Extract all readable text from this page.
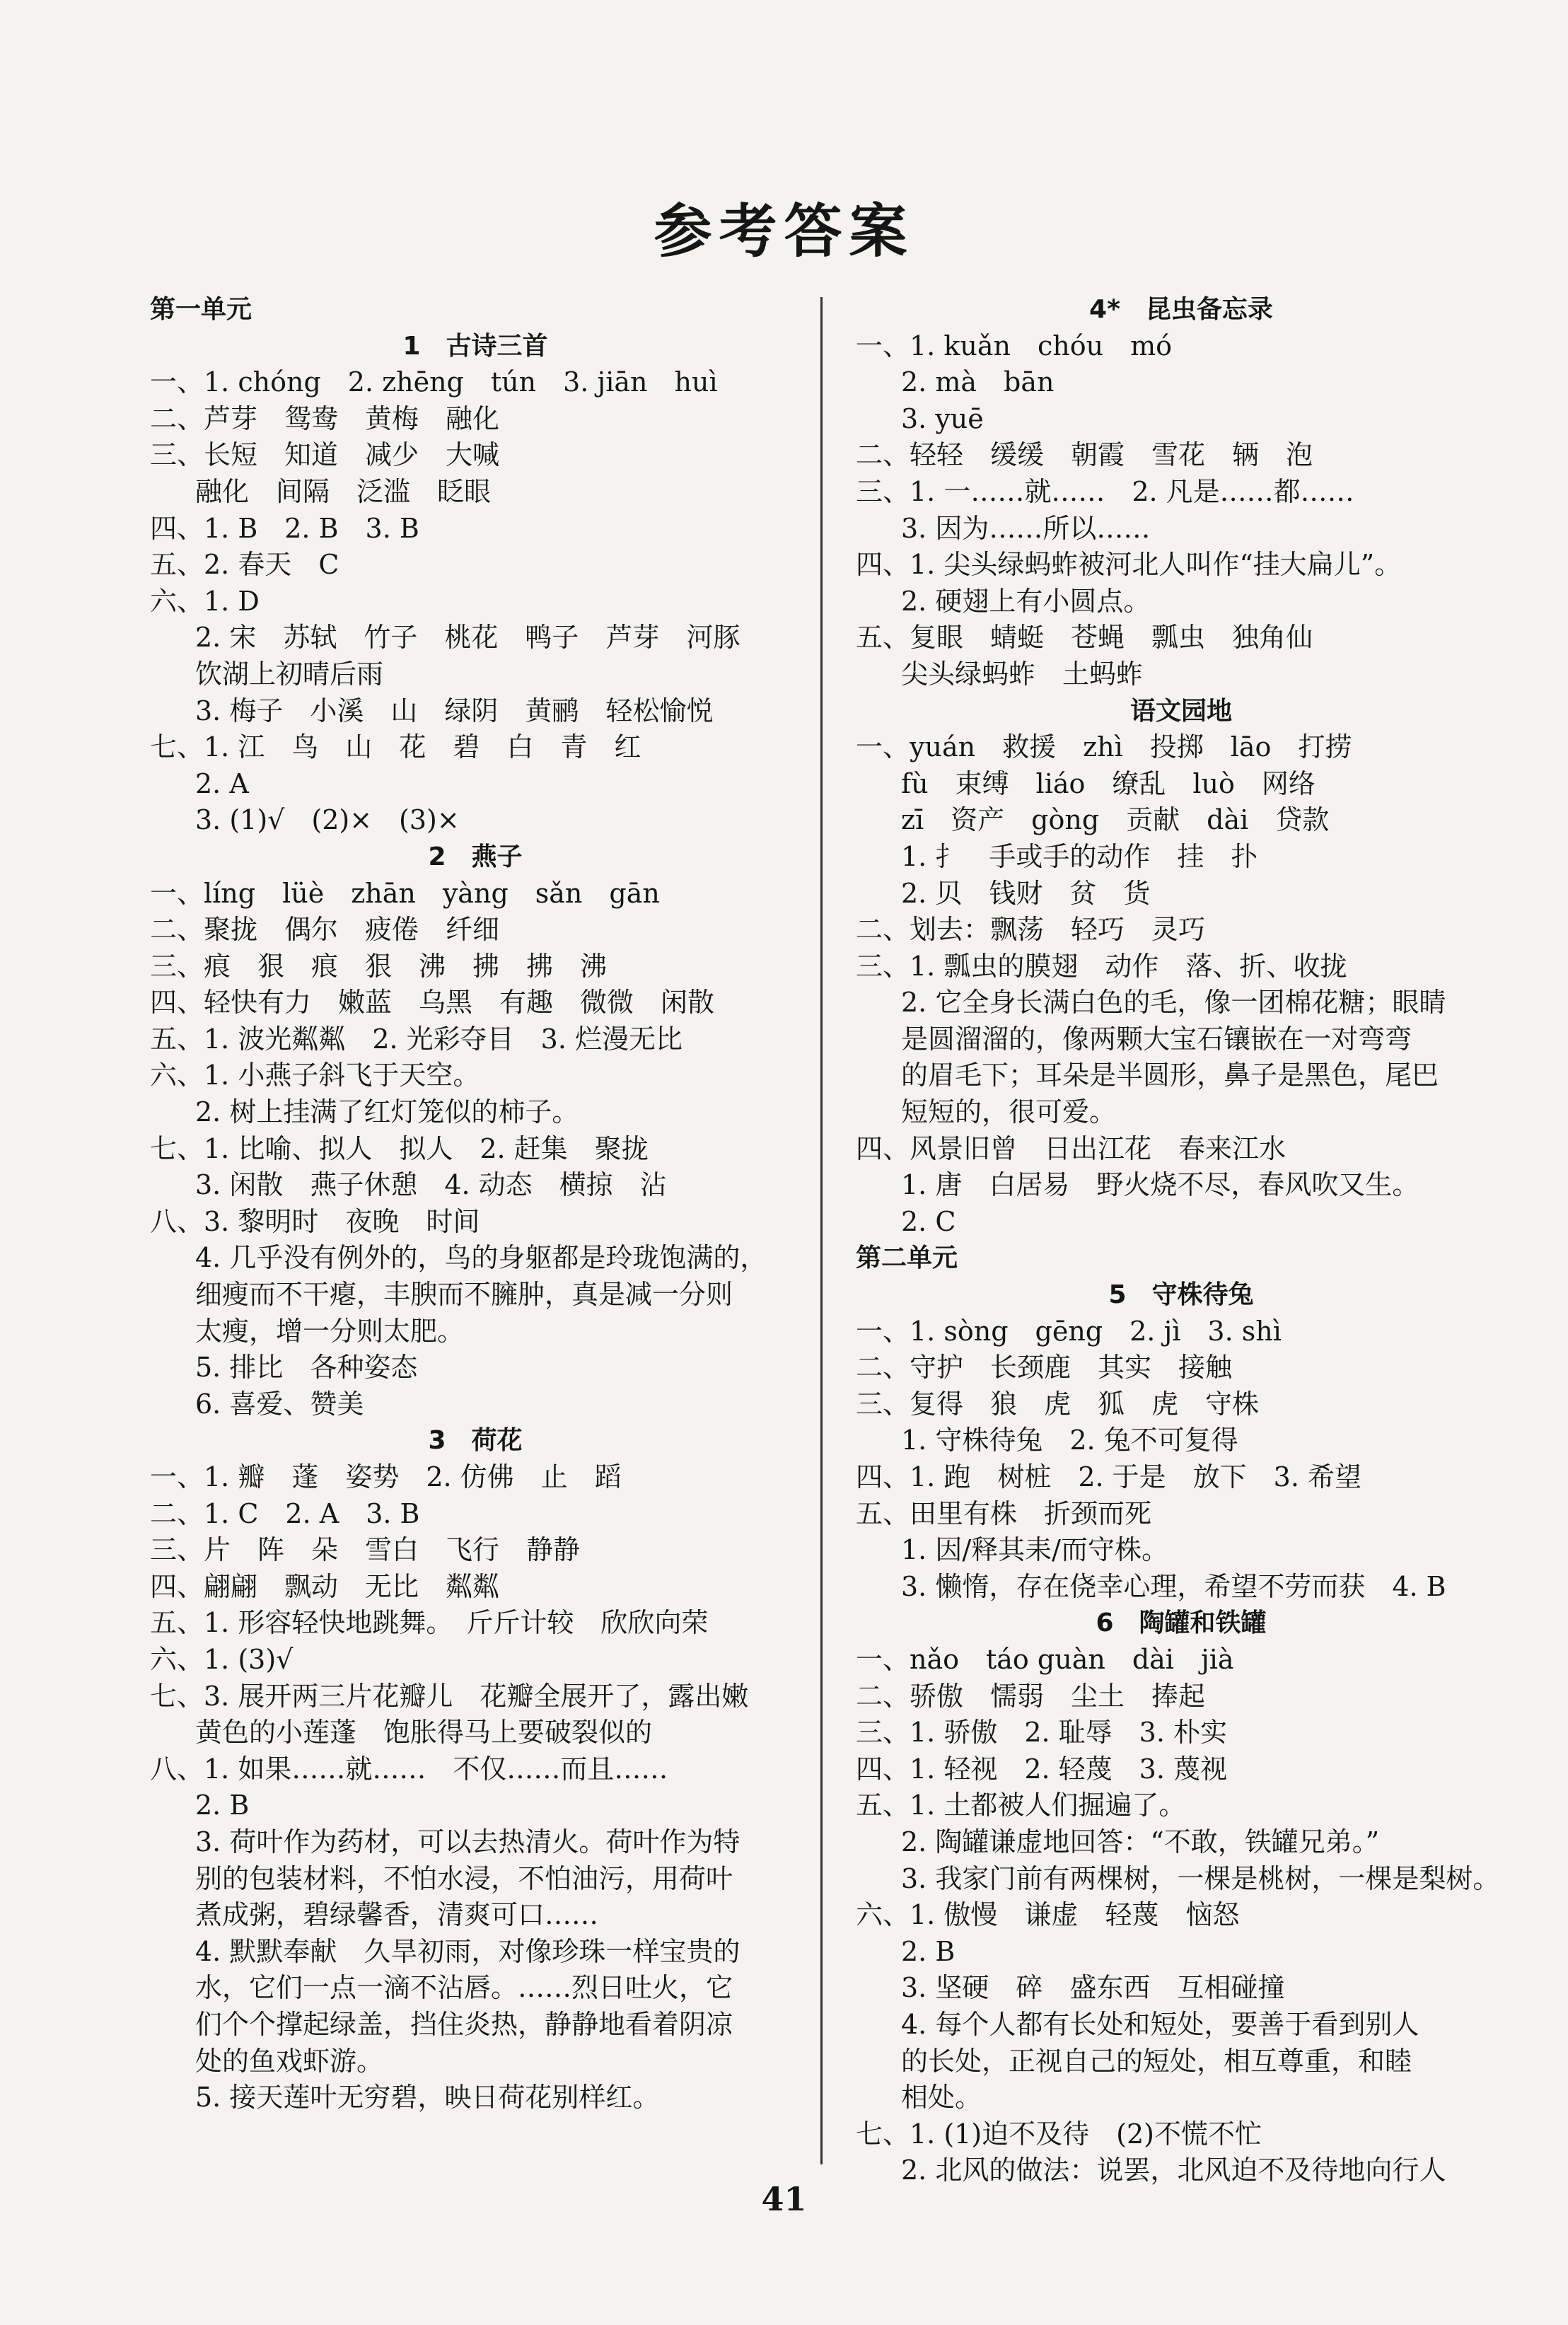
参考答案
第一单元
1　古诗三首
一、1. chóng　2. zhēng　tún　3. jiān　huì
二、芦芽　鸳鸯　黄梅　融化
三、长短　知道　减少　大喊
融化　间隔　泛滥　眨眼
四、1. B　2. B　3. B
五、2. 春天　C
六、1. D
2. 宋　苏轼　竹子　桃花　鸭子　芦芽　河豚
饮湖上初晴后雨
3. 梅子　小溪　山　绿阴　黄鹂　轻松愉悦
七、1. 江　鸟　山　花　碧　白　青　红
2. A
3. (1)√　(2)×　(3)×
2　燕子
一、líng　lüè　zhān　yàng　sǎn　gān
二、聚拢　偶尔　疲倦　纤细
三、痕　狠　痕　狠　沸　拂　拂　沸
四、轻快有力　嫩蓝　乌黑　有趣　微微　闲散
五、1. 波光粼粼　2. 光彩夺目　3. 烂漫无比
六、1. 小燕子斜飞于天空。
2. 树上挂满了红灯笼似的柿子。
七、1. 比喻、拟人　拟人　2. 赶集　聚拢
3. 闲散　燕子休憩　4. 动态　横掠　沾
八、3. 黎明时　夜晚　时间
4. 几乎没有例外的，鸟的身躯都是玲珑饱满的，
细瘦而不干瘪，丰腴而不臃肿，真是减一分则
太瘦，增一分则太肥。
5. 排比　各种姿态
6. 喜爱、赞美
3　荷花
一、1. 瓣　蓬　姿势　2. 仿佛　止　蹈
二、1. C　2. A　3. B
三、片　阵　朵　雪白　飞行　静静
四、翩翩　飘动　无比　粼粼
五、1. 形容轻快地跳舞。　斤斤计较　欣欣向荣
六、1. (3)√
七、3. 展开两三片花瓣儿　花瓣全展开了，露出嫩
黄色的小莲蓬　饱胀得马上要破裂似的
八、1. 如果……就……　不仅……而且……
2. B
3. 荷叶作为药材，可以去热清火。荷叶作为特
别的包装材料，不怕水浸，不怕油污，用荷叶
煮成粥，碧绿馨香，清爽可口……
4. 默默奉献　久旱初雨，对像珍珠一样宝贵的
水，它们一点一滴不沾唇。……烈日吐火，它
们个个撑起绿盖，挡住炎热，静静地看着阴凉
处的鱼戏虾游。
5. 接天莲叶无穷碧，映日荷花别样红。
4*　昆虫备忘录
一、1. kuǎn　chóu　mó
2. mà　bān
3. yuē
二、轻轻　缓缓　朝霞　雪花　辆　泡
三、1. 一……就……　2. 凡是……都……
3. 因为……所以……
四、1. 尖头绿蚂蚱被河北人叫作“挂大扁儿”。
2. 硬翅上有小圆点。
五、复眼　蜻蜓　苍蝇　瓢虫　独角仙
尖头绿蚂蚱　土蚂蚱
语文园地
一、yuán　救援　zhì　投掷　lāo　打捞
fù　束缚　liáo　缭乱　luò　网络
zī　资产　gòng　贡献　dài　贷款
1. 扌　手或手的动作　挂　扑
2. 贝　钱财　贫　货
二、划去：飘荡　轻巧　灵巧
三、1. 瓢虫的膜翅　动作　落、折、收拢
2. 它全身长满白色的毛，像一团棉花糖；眼睛
是圆溜溜的，像两颗大宝石镶嵌在一对弯弯
的眉毛下；耳朵是半圆形，鼻子是黑色，尾巴
短短的，很可爱。
四、风景旧曾　日出江花　春来江水
1. 唐　白居易　野火烧不尽，春风吹又生。
2. C
第二单元
5　守株待兔
一、1. sòng　gēng　2. jì　3. shì
二、守护　长颈鹿　其实　接触
三、复得　狼　虎　狐　虎　守株
1. 守株待兔　2. 兔不可复得
四、1. 跑　树桩　2. 于是　放下　3. 希望
五、田里有株　折颈而死
1. 因/释其耒/而守株。
3. 懒惰，存在侥幸心理，希望不劳而获　4. B
6　陶罐和铁罐
一、nǎo　táo guàn　dài　jià
二、骄傲　懦弱　尘土　捧起
三、1. 骄傲　2. 耻辱　3. 朴实
四、1. 轻视　2. 轻蔑　3. 蔑视
五、1. 土都被人们掘遍了。
2. 陶罐谦虚地回答：“不敢，铁罐兄弟。”
3. 我家门前有两棵树，一棵是桃树，一棵是梨树。
六、1. 傲慢　谦虚　轻蔑　恼怒
2. B
3. 坚硬　碎　盛东西　互相碰撞
4. 每个人都有长处和短处，要善于看到别人
的长处，正视自己的短处，相互尊重，和睦
相处。
七、1. (1)迫不及待　(2)不慌不忙
2. 北风的做法：说罢，北风迫不及待地向行人
41
